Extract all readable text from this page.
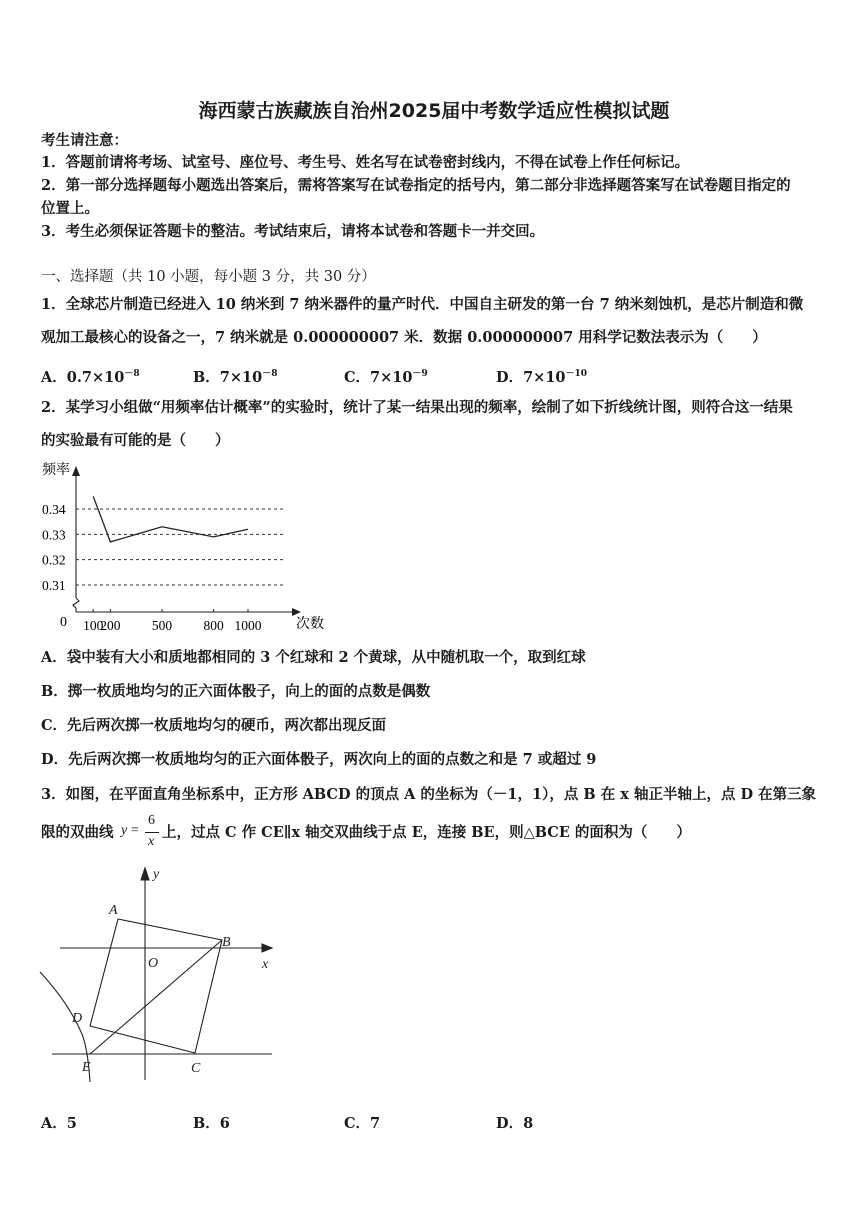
海西蒙古族藏族自治州2025届中考数学适应性模拟试题
考生请注意：
1．答题前请将考场、试室号、座位号、考生号、姓名写在试卷密封线内，不得在试卷上作任何标记。
2．第一部分选择题每小题选出答案后，需将答案写在试卷指定的括号内，第二部分非选择题答案写在试卷题目指定的
位置上。
3．考生必须保证答题卡的整洁。考试结束后，请将本试卷和答题卡一并交回。
一、选择题（共 10 小题，每小题 3 分，共 30 分）
1．全球芯片制造已经进入 10 纳米到 7 纳米器件的量产时代．中国自主研发的第一台 7 纳米刻蚀机，是芯片制造和微
观加工最核心的设备之一，7 纳米就是 0.000000007 米．数据 0.000000007 用科学记数法表示为（　　）
A．$0.7\times 10^{-8}$	B．$7\times 10^{-8}$	C．$7\times 10^{-9}$	D．$7\times 10^{-10}$
2．某学习小组做“用频率估计概率”的实验时，统计了某一结果出现的频率，绘制了如下折线统计图，则符合这一结果
的实验最有可能的是（　　）
频率
次数
0
0.34
0.33
0.32
0.31
100
200 500 800 1000
A．袋中装有大小和质地都相同的 3 个红球和 2 个黄球，从中随机取一个，取到红球
B．掷一枚质地均匀的正六面体骰子，向上的面的点数是偶数
C．先后两次掷一枚质地均匀的硬币，两次都出现反面
D．先后两次掷一枚质地均匀的正六面体骰子，两次向上的面的点数之和是 7 或超过 9
3．如图，在平面直角坐标系中，正方形 ABCD 的顶点 A 的坐标为（－1，1），点 B 在 x 轴正半轴上，点 D 在第三象
限的双曲线 y =
6
x
上，过点 C 作 CE∥x 轴交双曲线于点 E，连接 BE，则△BCE 的面积为（　　）
A
B
C
D
E
O	x
y
A．5	B．6	C．7	D．8
